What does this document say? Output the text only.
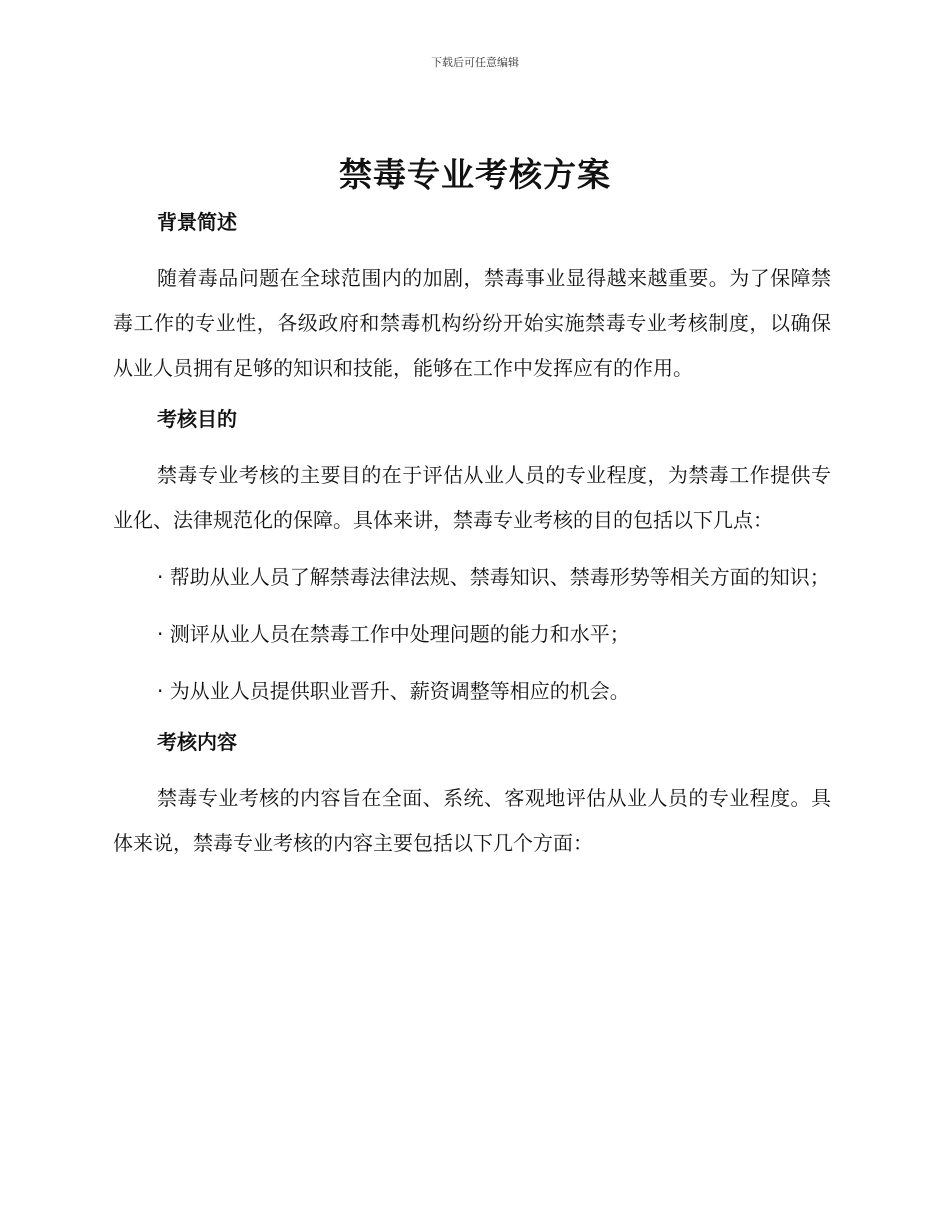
下载后可任意编辑
禁毒专业考核方案
背景简述

随着毒品问题在全球范围内的加剧，禁毒事业显得越来越重要。为了保障禁毒工作的专业性，各级政府和禁毒机构纷纷开始实施禁毒专业考核制度，以确保从业人员拥有足够的知识和技能，能够在工作中发挥应有的作用。

考核目的

禁毒专业考核的主要目的在于评估从业人员的专业程度，为禁毒工作提供专业化、法律规范化的保障。具体来讲，禁毒专业考核的目的包括以下几点：

· 帮助从业人员了解禁毒法律法规、禁毒知识、禁毒形势等相关方面的知识；

· 测评从业人员在禁毒工作中处理问题的能力和水平；

· 为从业人员提供职业晋升、薪资调整等相应的机会。

考核内容

禁毒专业考核的内容旨在全面、系统、客观地评估从业人员的专业程度。具体来说，禁毒专业考核的内容主要包括以下几个方面：
